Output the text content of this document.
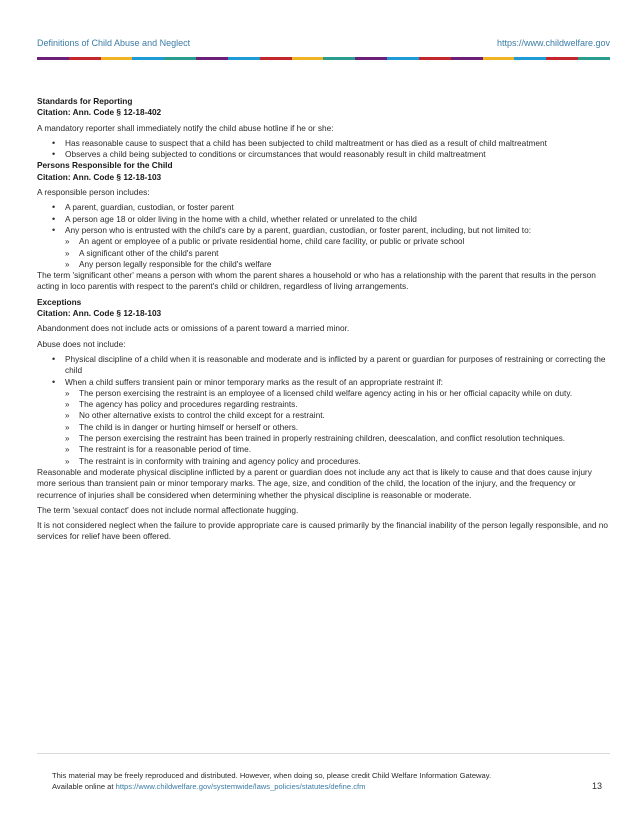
Definitions of Child Abuse and Neglect	https://www.childwelfare.gov

Standards for Reporting

Citation: Ann. Code § 12-18-402

A mandatory reporter shall immediately notify the child abuse hotline if he or she:

• Has reasonable cause to suspect that a child has been subjected to child maltreatment or has died as a result of child maltreatment
• Observes a child being subjected to conditions or circumstances that would reasonably result in child maltreatment

Persons Responsible for the Child

Citation: Ann. Code § 12-18-103

A responsible person includes:

• A parent, guardian, custodian, or foster parent
• A person age 18 or older living in the home with a child, whether related or unrelated to the child
• Any person who is entrusted with the child's care by a parent, guardian, custodian, or foster parent, including, but not limited to:
» An agent or employee of a public or private residential home, child care facility, or public or private school
» A significant other of the child's parent
» Any person legally responsible for the child's welfare

The term 'significant other' means a person with whom the parent shares a household or who has a relationship with the parent that results in the person acting in loco parentis with respect to the parent's child or children, regardless of living arrangements.

Exceptions

Citation: Ann. Code § 12-18-103

Abandonment does not include acts or omissions of a parent toward a married minor.

Abuse does not include:

• Physical discipline of a child when it is reasonable and moderate and is inflicted by a parent or guardian for purposes of restraining or correcting the child
• When a child suffers transient pain or minor temporary marks as the result of an appropriate restraint if:
» The person exercising the restraint is an employee of a licensed child welfare agency acting in his or her official capacity while on duty.
» The agency has policy and procedures regarding restraints.
» No other alternative exists to control the child except for a restraint.
» The child is in danger or hurting himself or herself or others.
» The person exercising the restraint has been trained in properly restraining children, deescalation, and conflict resolution techniques.
» The restraint is for a reasonable period of time.
» The restraint is in conformity with training and agency policy and procedures.

Reasonable and moderate physical discipline inflicted by a parent or guardian does not include any act that is likely to cause and that does cause injury more serious than transient pain or minor temporary marks. The age, size, and condition of the child, the location of the injury, and the frequency or recurrence of injuries shall be considered when determining whether the physical discipline is reasonable or moderate.

The term 'sexual contact' does not include normal affectionate hugging.

It is not considered neglect when the failure to provide appropriate care is caused primarily by the financial inability of the person legally responsible, and no services for relief have been offered.

This material may be freely reproduced and distributed. However, when doing so, please credit Child Welfare Information Gateway.
Available online at https://www.childwelfare.gov/systemwide/laws_policies/statutes/define.cfm	13
